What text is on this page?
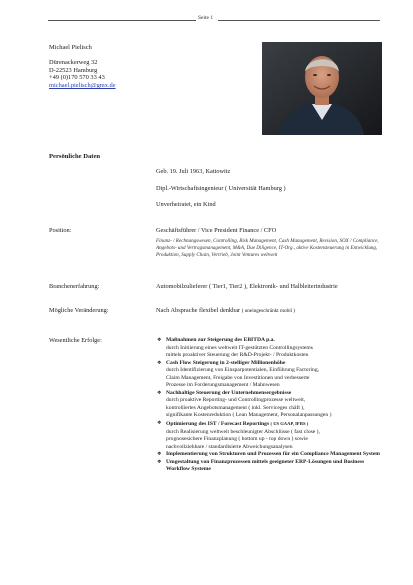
Seite 1
Michael Pielisch
Dürenackerweg 32
D-22523 Hamburg
+49 (0)170 570 33 43
michael.pielisch@gmx.de
Persönliche Daten
Geb. 19. Juli 1963, Kattowitz
Dipl.-Wirtschaftsingenieur ( Universität Hamburg )
Unverheiratet, ein Kind
Position:	Geschäftsführer / Vice President Finance / CFO
Finanz- / Rechnungswesen, Controlling, Risk Management, Cash Management, Revision, SOX / Compliance, Angebots- und Vertragsmanagement, M&A, Due Diligence, IT-Org., aktive Kostensteuerung in Entwicklung, Produktion, Supply Chain, Vertrieb, Joint Ventures weltweit
Branchenerfahrung:	Automobilzulieferer ( Tier1, Tier2 ), Elektronik- und Halbleiterindustrie
Mögliche Veränderung:	Nach Absprache flexibel denkbar ( uneingeschränkt mobil )
Wesentliche Erfolge:	❖ Maßnahmen zur Steigerung des EBITDA p.a.
durch Initiierung eines weltweit IT-gestützten Controllingsystems
mittels proaktiver Steuerung der R&D-Projekt- / Produktkosten
❖ Cash Flow Steigerung in 2-stelliger Millionenhöhe
durch Identifizierung von Einsparpotentialen, Einführung Factoring,
Claim Management, Freigabe von Investitionen und verbesserte
Prozesse im Forderungsmanagement / Mahnwesen
❖ Nachhaltige Steuerung der Unternehmensergebnisse
durch proaktive Reporting- und Controllingprozesse weltweit,
kontrolliertes Angebotsmanagement ( inkl. Serviceges chäft ),
signifikante Kostenreduktion ( Lean Management, Personalanpassungen )
❖ Optimierung des IST / Forecast Reportings ( US GAAP, IFRS )
durch Realisierung weltweit beschleunigter Abschlüsse ( fast close ),
prognosesichere Finanzplanung ( bottom up - top down ) sowie
nachvollziehbare / standardisierte Abweichungsanalysen
❖ Implementierung von Strukturen und Prozessen für ein Compliance Management System
❖ Umgestaltung von Finanzprozessen mittels geeigneter ERP-Lösungen und Business Workflow Systeme
